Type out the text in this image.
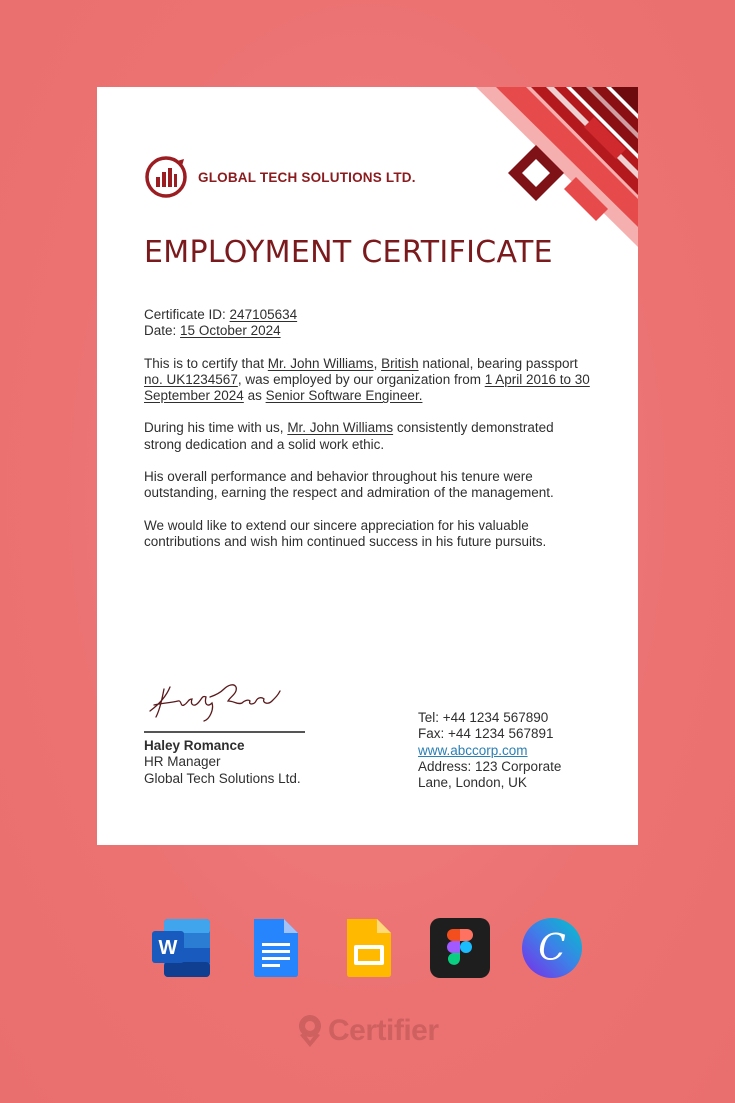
GLOBAL TECH SOLUTIONS LTD.
EMPLOYMENT CERTIFICATE

Certificate ID: 247105634
Date: 15 October 2024

This is to certify that Mr. John Williams, British national, bearing passport no. UK1234567, was employed by our organization from 1 April 2016 to 30 September 2024 as Senior Software Engineer.

During his time with us, Mr. John Williams consistently demonstrated strong dedication and a solid work ethic.

His overall performance and behavior throughout his tenure were outstanding, earning the respect and admiration of the management.

We would like to extend our sincere appreciation for his valuable contributions and wish him continued success in his future pursuits.

Haley Romance
HR Manager
Global Tech Solutions Ltd.
Tel: +44 1234 567890
Fax: +44 1234 567891
www.abccorp.com
Address: 123 Corporate
Lane, London, UK
W	C
Certifier
